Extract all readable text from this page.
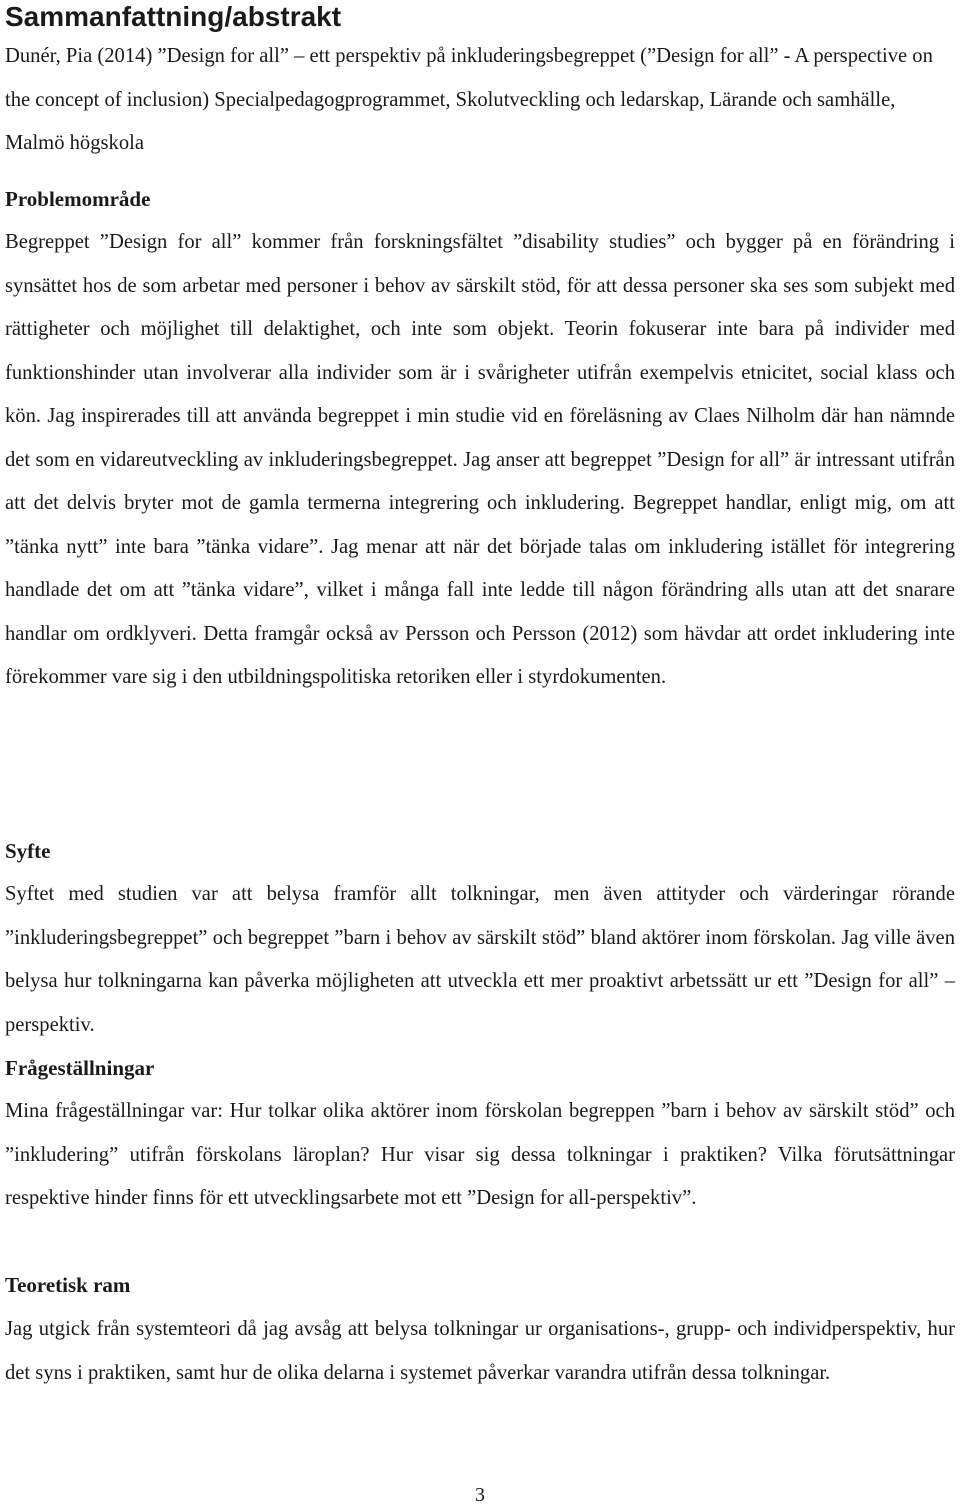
Sammanfattning/abstrakt

Dunér, Pia (2014) ”Design for all” – ett perspektiv på inkluderingsbegreppet (”Design for all” - A perspective on the concept of inclusion) Specialpedagogprogrammet, Skolutveckling och ledarskap, Lärande och samhälle, Malmö högskola

Problemområde

Begreppet ”Design for all” kommer från forskningsfältet ”disability studies” och bygger på en förändring i synsättet hos de som arbetar med personer i behov av särskilt stöd, för att dessa personer ska ses som subjekt med rättigheter och möjlighet till delaktighet, och inte som objekt. Teorin fokuserar inte bara på individer med funktionshinder utan involverar alla individer som är i svårigheter utifrån exempelvis etnicitet, social klass och kön. Jag inspirerades till att använda begreppet i min studie vid en föreläsning av Claes Nilholm där han nämnde det som en vidareutveckling av inkluderingsbegreppet. Jag anser att begreppet ”Design for all” är intressant utifrån att det delvis bryter mot de gamla termerna integrering och inkludering. Begreppet handlar, enligt mig, om att ”tänka nytt” inte bara ”tänka vidare”. Jag menar att när det började talas om inkludering istället för integrering handlade det om att ”tänka vidare”, vilket i många fall inte ledde till någon förändring alls utan att det snarare handlar om ordklyveri. Detta framgår också av Persson och Persson (2012) som hävdar att ordet inkludering inte förekommer vare sig i den utbildningspolitiska retoriken eller i styrdokumenten.

Syfte

Syftet med studien var att belysa framför allt tolkningar, men även attityder och värderingar rörande ”inkluderingsbegreppet” och begreppet ”barn i behov av särskilt stöd” bland aktörer inom förskolan. Jag ville även belysa hur tolkningarna kan påverka möjligheten att utveckla ett mer proaktivt arbetssätt ur ett ”Design for all” – perspektiv.

Frågeställningar

Mina frågeställningar var: Hur tolkar olika aktörer inom förskolan begreppen ”barn i behov av särskilt stöd” och ”inkludering” utifrån förskolans läroplan? Hur visar sig dessa tolkningar i praktiken? Vilka förutsättningar respektive hinder finns för ett utvecklingsarbete mot ett ”Design for all-perspektiv”.

Teoretisk ram

Jag utgick från systemteori då jag avsåg att belysa tolkningar ur organisations-, grupp- och individperspektiv, hur det syns i praktiken, samt hur de olika delarna i systemet påverkar varandra utifrån dessa tolkningar.

3
